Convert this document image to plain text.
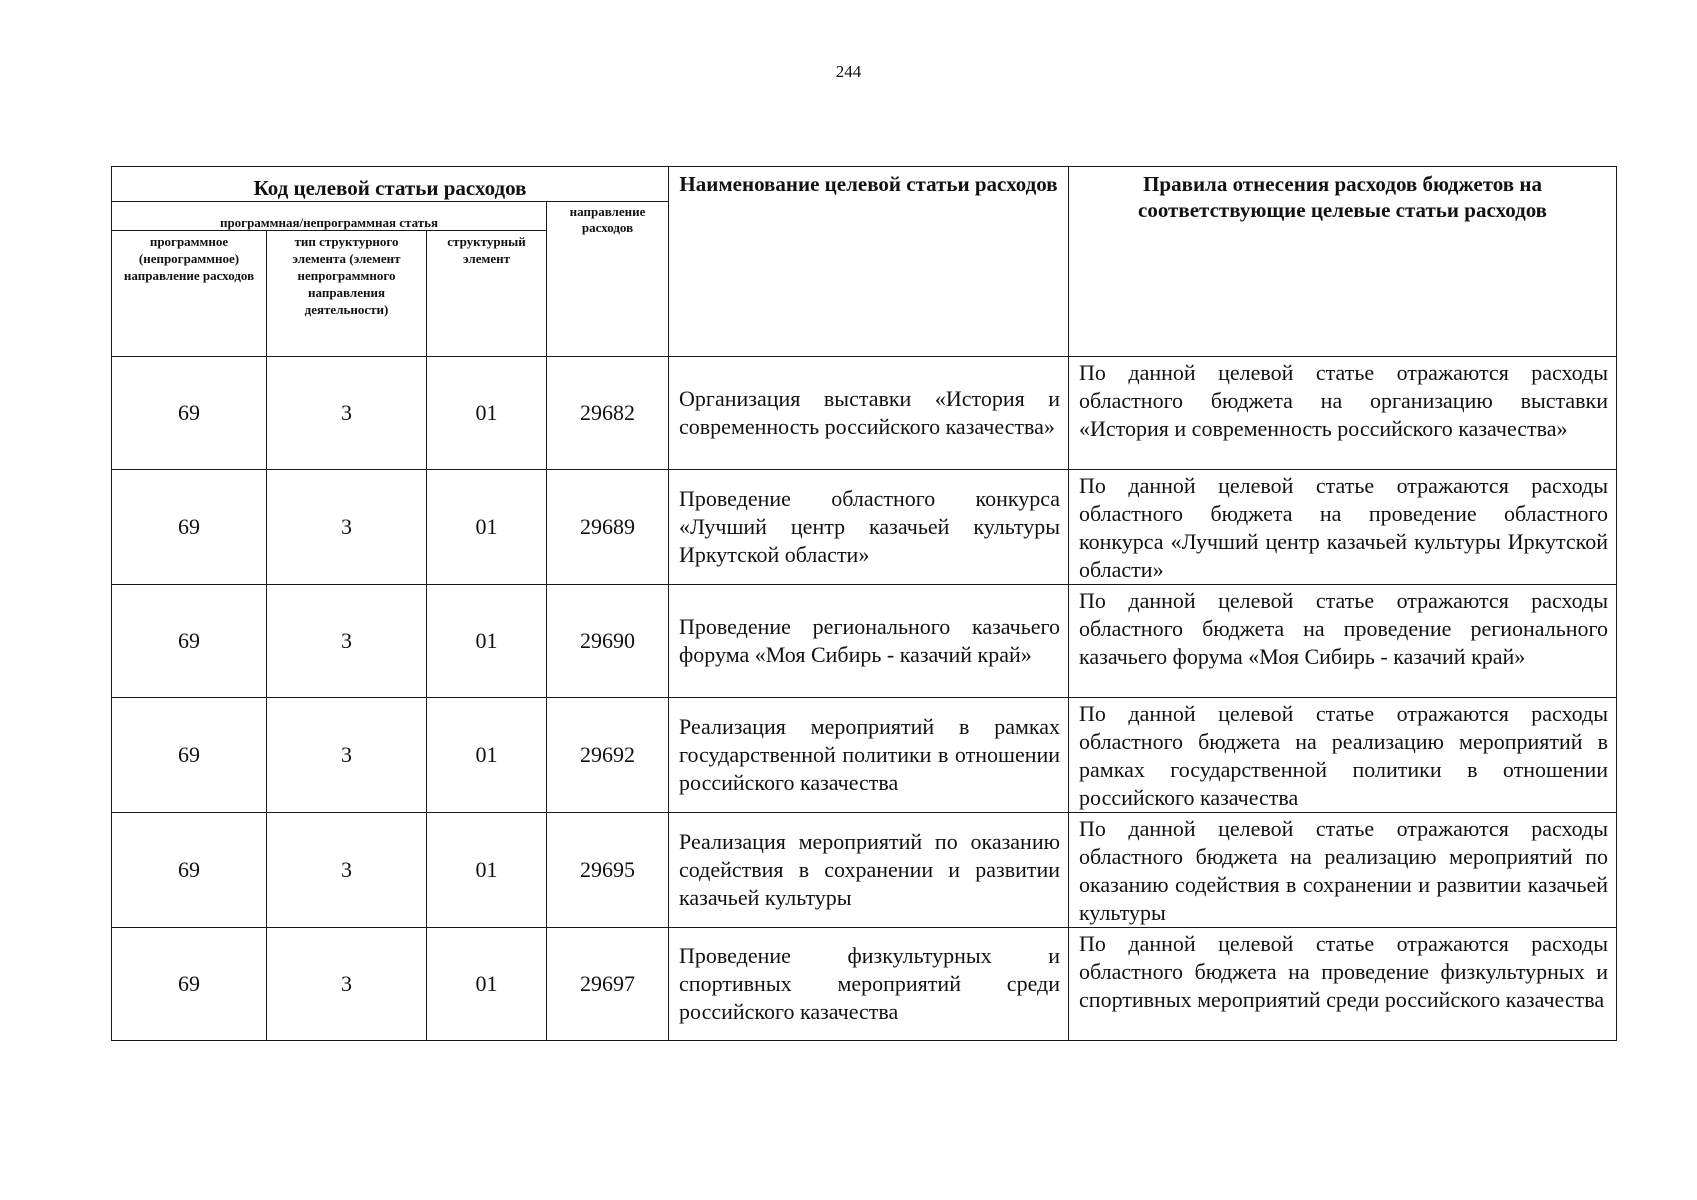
244
Код целевой статьи расходов				Наименование целевой статьи расходов	Правила отнесения расходов бюджетов на соответствующие целевые статьи расходов
программная/непрограммная статья			направление расходов		
программное (непрограммное) направление расходов	тип структурного элемента (элемент непрограммного направления деятельности)	структурный элемент			
69	3	01	29682	Организация выставки «История и современность российского казачества»	По данной целевой статье отражаются расходы областного бюджета на организацию выставки «История и современность российского казачества»
69	3	01	29689	Проведение областного конкурса «Лучший центр казачьей культуры Иркутской области»	По данной целевой статье отражаются расходы областного бюджета на проведение областного конкурса «Лучший центр казачьей культуры Иркутской области»
69	3	01	29690	Проведение регионального казачьего форума «Моя Сибирь - казачий край»	По данной целевой статье отражаются расходы областного бюджета на проведение регионального казачьего форума «Моя Сибирь - казачий край»
69	3	01	29692	Реализация мероприятий в рамках государственной политики в отношении российского казачества	По данной целевой статье отражаются расходы областного бюджета на реализацию мероприятий в рамках государственной политики в отношении российского казачества
69	3	01	29695	Реализация мероприятий по оказанию содействия в сохранении и развитии казачьей культуры	По данной целевой статье отражаются расходы областного бюджета на реализацию мероприятий по оказанию содействия в сохранении и развитии казачьей культуры
69	3	01	29697	Проведение физкультурных и спортивных мероприятий среди российского казачества	По данной целевой статье отражаются расходы областного бюджета на проведение физкультурных и спортивных мероприятий среди российского казачества
